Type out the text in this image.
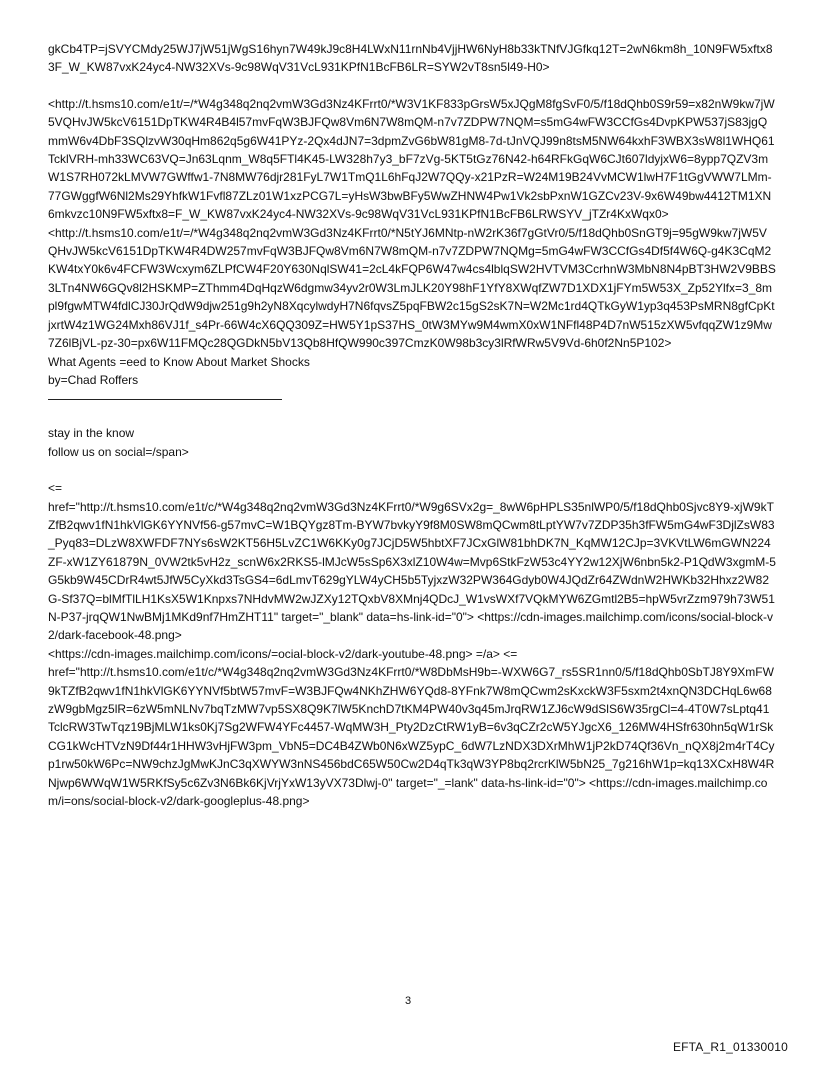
gkCb4TP=jSVYCMdy25WJ7jW51jWgS16hyn7W49kJ9c8H4LWxN11rnNb4VjjHW6NyH8b33kTNfVJGfkq12T=2wN6km8h_10N9FW5xftx83F_W_KW87vxK24yc4-NW32XVs-9c98WqV31VcL931KPfN1BcFB6LR=SYW2vT8sn5l49-H0>

<http://t.hsms10.com/e1t/=/*W4g348q2nq2vmW3Gd3Nz4KFrrt0/*W3V1KF833pGrsW5xJQgM8fgSvF0/5/f18dQhb0S9r59=x82nW9kw7jW5VQHvJW5kcV6151DpTKW4R4B4l57mvFqW3BJFQw8Vm6N7W8mQM-n7v7ZDPW7NQM=s5mG4wFW3CCfGs4DvpKPW537jS83jgQmmW6v4DbF3SQlzvW30qHm862q5g6W41PYz-2Qx4dJN7=3dpmZvG6bW81gM8-7d-tJnVQJ99n8tsM5NW64kxhF3WBX3sW8l1WHQ61TcklVRH-mh33WC63VQ=Jn63Lqnm_W8q5FTl4K45-LW328h7y3_bF7zVg-5KT5tGz76N42-h64RFkGqW6CJt607ldyjxW6=8ypp7QZV3mW1S7RH072kLMVW7GWffw1-7N8MW76djr281FyL7W1TmQ1L6hFqJ2W7QQy-x21PzR=W24M19B24VvMCW1lwH7F1tGgVWW7LMm-77GWggfW6Nl2Ms29YhfkW1Fvfl87ZLz01W1xzPCG7L=yHsW3bwBFy5WwZHNW4Pw1Vk2sbPxnW1GZCv23V-9x6W49bw4412TM1XN6mkvzc10N9FW5xftx8=F_W_KW87vxK24yc4-NW32XVs-9c98WqV31VcL931KPfN1BcFB6LRWSYV_jTZr4KxWqx0>

<http://t.hsms10.com/e1t/=/*W4g348q2nq2vmW3Gd3Nz4KFrrt0/*N5tYJ6MNtp-nW2rK36f7gGtVr0/5/f18dQhb0SnGT9j=95gW9kw7jW5VQHvJW5kcV6151DpTKW4R4DW257mvFqW3BJFQw8Vm6N7W8mQM-n7v7ZDPW7NQMg=5mG4wFW3CCfGs4Df5f4W6Q-g4K3CqM2KW4txY0k6v4FCFW3Wcxym6ZLPfCW4F20Y630NqlSW41=2cL4kFQP6W47w4cs4lblqSW2HVTVM3CcrhnW3MbN8N4pBT3HW2V9BBS3LTn4NW6GQv8l2HSKMP=ZThmm4DqHqzW6dgmw34yv2r0W3LmJLK20Y98hF1YfY8XWqfZW7D1XDX1jFYm5W53X_Zp52Ylfx=3_8mpl9fgwMTW4fdlCJ30JrQdW9djw251g9h2yN8XqcylwdyH7N6fqvsZ5pqFBW2c15gS2sK7N=W2Mc1rd4QTkGyW1yp3q453PsMRN8gfCpKtjxrtW4z1WG24Mxh86VJ1f_s4Pr-66W4cX6QQ309Z=HW5Y1pS37HS_0tW3MYw9M4wmX0xW1NFfl48P4D7nW515zXW5vfqqZW1z9Mw7Z6lBjVL-pz-30=px6W11FMQc28QGDkN5bV13Qb8HfQW990c397CmzK0W98b3cy3lRfWRw5V9Vd-6h0f2Nn5P102>

What Agents =eed to Know About Market Shocks

by=Chad Roffers

stay in the know

follow us on social=/span>

<=

href="http://t.hsms10.com/e1t/c/*W4g348q2nq2vmW3Gd3Nz4KFrrt0/*W9g6SVx2g=_8wW6pHPLS35nlWP0/5/f18dQhb0Sjvc8Y9-xjW9kTZfB2qwv1fN1hkVlGK6YYNVf56-g57mvC=W1BQYgz8Tm-BYW7bvkyY9f8M0SW8mQCwm8tLptYW7v7ZDP35h3fFW5mG4wF3DjlZsW83_Pyq83=DLzW8XWFDF7NYs6sW2KT56H5LvZC1W6KKy0g7JCjD5W5hbtXF7JCxGlW81bhDK7N_KqMW12CJp=3VKVtLW6mGWN224ZF-xW1ZY61879N_0VW2tk5vH2z_scnW6x2RKS5-lMJcW5sSp6X3xlZ10W4w=Mvp6StkFzW53c4YY2w12XjW6nbn5k2-P1QdW3xgmM-5G5kb9W45CDrR4wt5JfW5CyXkd3TsGS4=6dLmvT629gYLW4yCH5b5TyjxzW32PW364Gdyb0W4JQdZr64ZWdnW2HWKb32Hhxz2W82G-Sf37Q=blMfTlLH1KsX5W1Knpxs7NHdvMW2wJZXy12TQxbV8XMnj4QDcJ_W1vsWXf7VQkMYW6ZGmtl2B5=hpW5vrZzm979h73W51N-P37-jrqQW1NwBMj1MKd9nf7HmZHT11" target="_blank" data=hs-link-id="0"> <https://cdn-images.mailchimp.com/icons/social-block-v2/dark-facebook-48.png>

<https://cdn-images.mailchimp.com/icons/=ocial-block-v2/dark-youtube-48.png> =/a> <=

href="http://t.hsms10.com/e1t/c/*W4g348q2nq2vmW3Gd3Nz4KFrrt0/*W8DbMsH9b=-WXW6G7_rs5SR1nn0/5/f18dQhb0SbTJ8Y9XmFW9kTZfB2qwv1fN1hkVlGK6YYNVf5btW57mvF=W3BJFQw4NKhZHW6YQd8-8YFnk7W8mQCwm2sKxckW3F5sxm2t4xnQN3DCHqL6w68zW9gbMgz5lR=6zW5mNLNv7bqTzMW7vp5SX8Q9K7lW5KnchD7tKM4PW40v3q45mJrqRW1ZJ6cW9dSlS6W35rgCl=4-4T0W7sLptq41TclcRW3TwTqz19BjMLW1ks0Kj7Sg2WFW4YFc4457-WqMW3H_Pty2DzCtRW1yB=6v3qCZr2cW5YJgcX6_126MW4HSfr630hn5qW1rSkCG1kWcHTVzN9Df44r1HHW3vHjFW3pm_VbN5=DC4B4ZWb0N6xWZ5ypC_6dW7LzNDX3DXrMhW1jP2kD74Qf36Vn_nQX8j2m4rT4Cyp1rw50kW6Pc=NW9chzJgMwKJnC3qXWYW3nNS456bdC65W50Cw2D4qTk3qW3YP8bq2rcrKlW5bN25_7g216hW1p=kq13XCxH8W4RNjwp6WWqW1W5RKfSy5c6Zv3N6Bk6KjVrjYxW13yVX73Dlwj-0" target="_=lank" data-hs-link-id="0"> <https://cdn-images.mailchimp.com/i=ons/social-block-v2/dark-googleplus-48.png>

3
EFTA_R1_01330010
